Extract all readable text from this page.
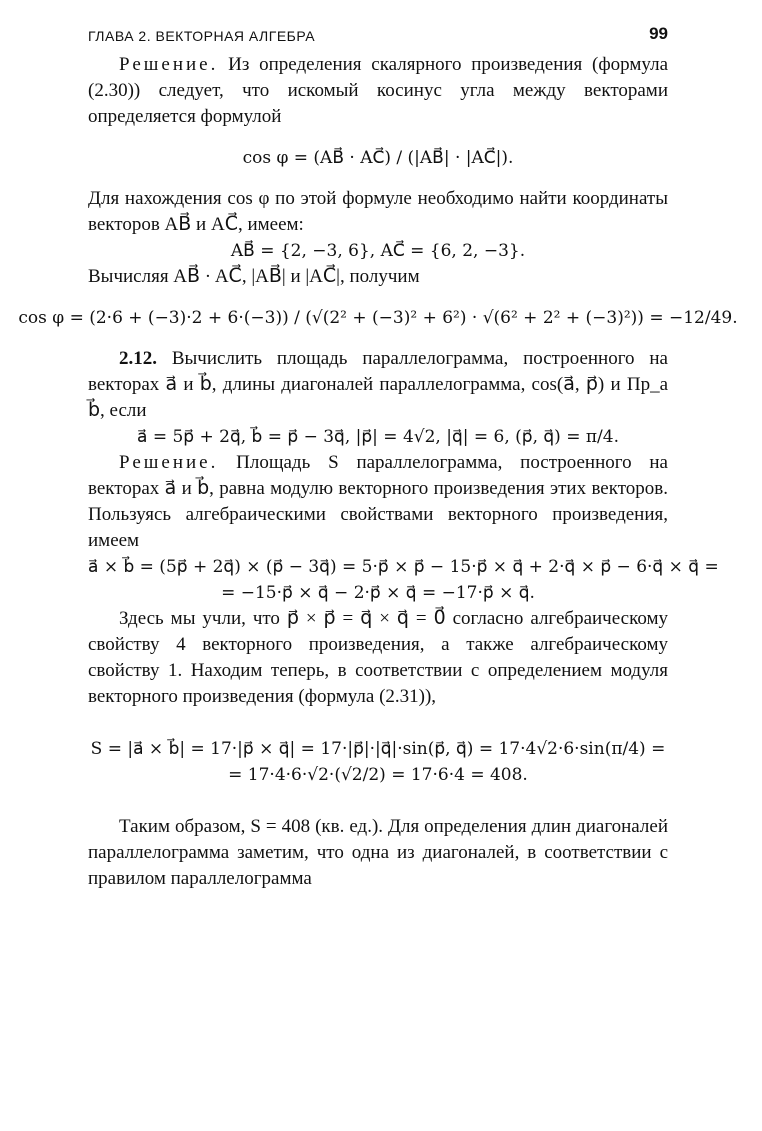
ГЛАВА 2. ВЕКТОРНАЯ АЛГЕБРА	99

Решение. Из определения скалярного произведения (формула (2.30)) следует, что искомый косинус угла между векторами определяется формулой

cos φ = (AB⃗ · AC⃗) / (|AB⃗| · |AC⃗|).

Для нахождения cos φ по этой формуле необходимо найти координаты векторов AB⃗ и AC⃗, имеем:

AB⃗ = {2, −3, 6}, AC⃗ = {6, 2, −3}.

Вычисляя AB⃗ · AC⃗, |AB⃗| и |AC⃗|, получим

cos φ = (2·6 + (−3)·2 + 6·(−3)) / (√(2² + (−3)² + 6²) · √(6² + 2² + (−3)²)) = −12/49.

2.12. Вычислить площадь параллелограмма, построенного на векторах a⃗ и b⃗, длины диагоналей параллелограмма, cos(a⃗, p⃗) и Пр_a b⃗, если

a⃗ = 5p⃗ + 2q⃗, b⃗ = p⃗ − 3q⃗, |p⃗| = 4√2, |q⃗| = 6, (p⃗, q⃗) = π/4.

Решение. Площадь S параллелограмма, построенного на векторах a⃗ и b⃗, равна модулю векторного произведения этих векторов. Пользуясь алгебраическими свойствами векторного произведения, имеем

a⃗ × b⃗ = (5p⃗ + 2q⃗) × (p⃗ − 3q⃗) = 5·p⃗ × p⃗ − 15·p⃗ × q⃗ + 2·q⃗ × p⃗ − 6·q⃗ × q⃗ =

= −15·p⃗ × q⃗ − 2·p⃗ × q⃗ = −17·p⃗ × q⃗.

Здесь мы учли, что p⃗ × p⃗ = q⃗ × q⃗ = 0⃗ согласно алгебраическому свойству 4 векторного произведения, а также алгебраическому свойству 1. Находим теперь, в соответствии с определением модуля векторного произведения (формула (2.31)),

S = |a⃗ × b⃗| = 17·|p⃗ × q⃗| = 17·|p⃗|·|q⃗|·sin(p⃗, q⃗) = 17·4√2·6·sin(π/4) =

= 17·4·6·√2·(√2/2) = 17·6·4 = 408.

Таким образом, S = 408 (кв. ед.). Для определения длин диагоналей параллелограмма заметим, что одна из диагоналей, в соответствии с правилом параллелограмма
